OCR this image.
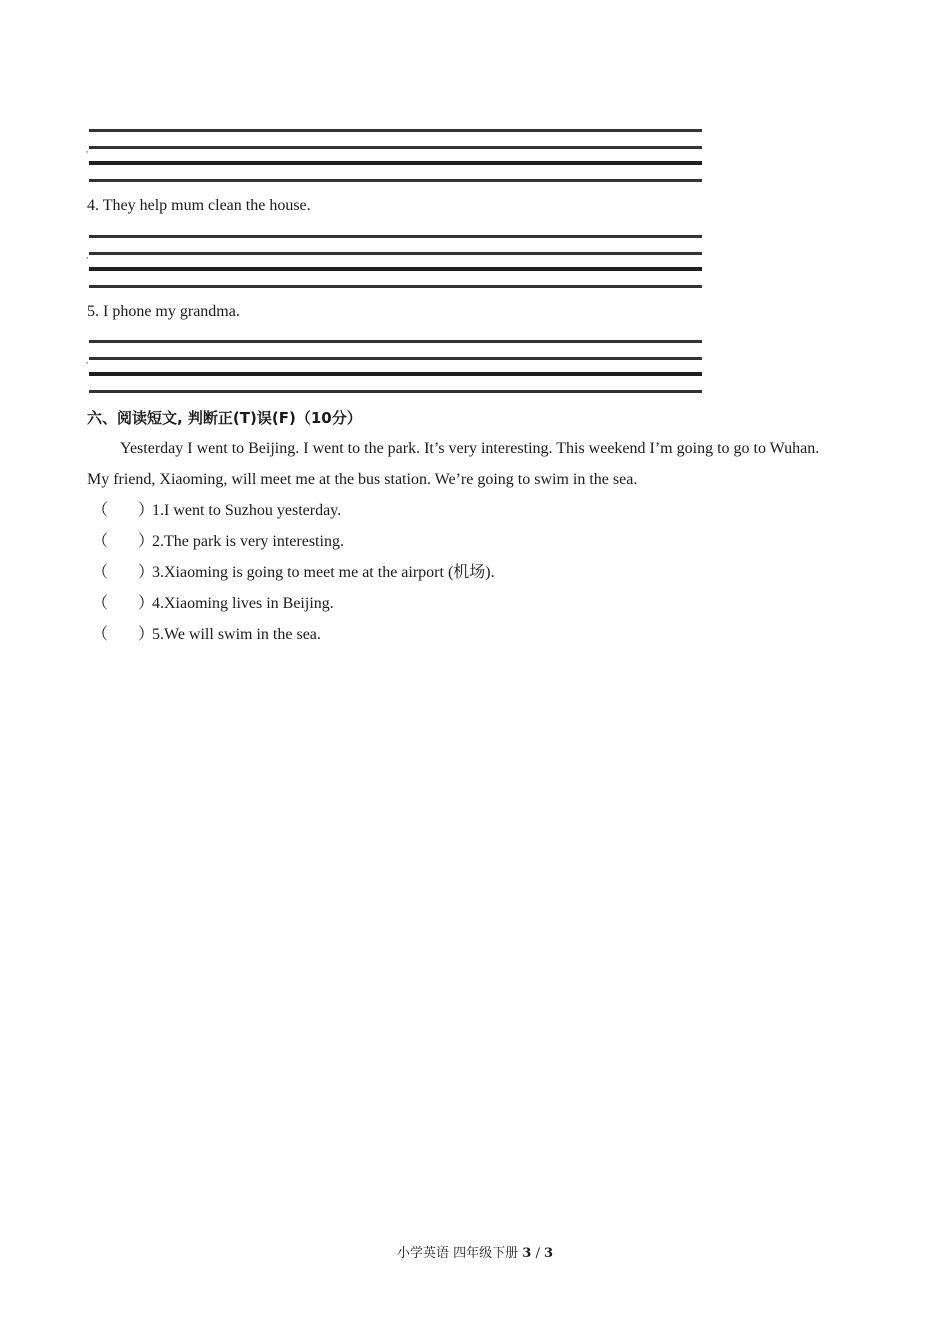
,
4. They help mum clean the house.
,
5. I phone my grandma.
,
六、阅读短文, 判断正(T)误(F)（10分）
Yesterday I went to Beijing. I went to the park. It’s very interesting. This weekend I’m going to go to Wuhan.
My friend, Xiaoming, will meet me at the bus station. We’re going to swim in the sea.
（ ）1.I went to Suzhou yesterday.
（ ）2.The park is very interesting.
（ ）3.Xiaoming is going to meet me at the airport (机场).
（ ）4.Xiaoming lives in Beijing.
（ ）5.We will swim in the sea.
小学英语 四年级下册 3 / 3
